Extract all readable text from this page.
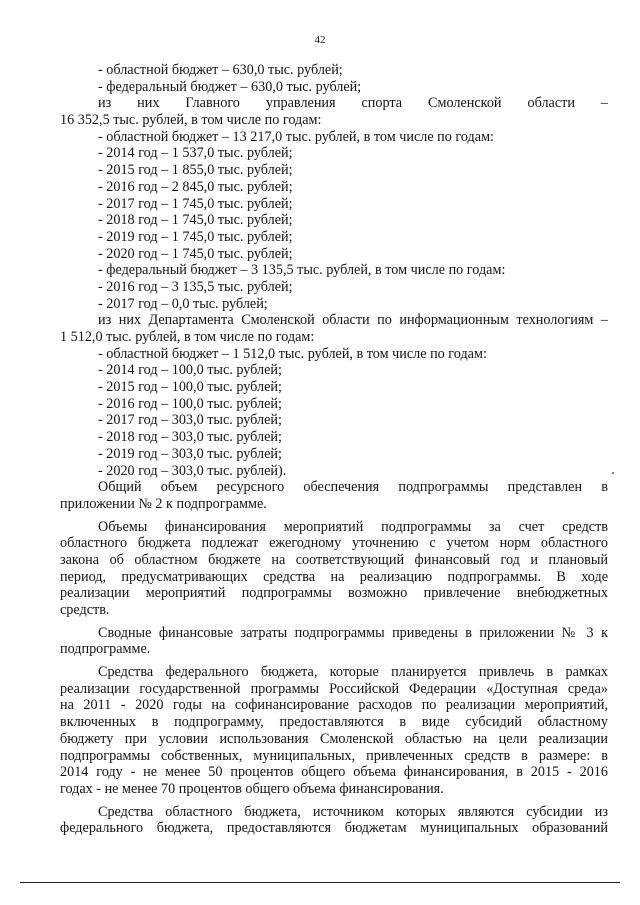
42
- областной бюджет – 630,0 тыс. рублей;
- федеральный бюджет – 630,0 тыс. рублей;
из них Главного управления спорта Смоленской области –
16 352,5 тыс. рублей, в том числе по годам:
- областной бюджет – 13 217,0 тыс. рублей, в том числе по годам:
- 2014 год – 1 537,0 тыс. рублей;
- 2015 год – 1 855,0 тыс. рублей;
- 2016 год – 2 845,0 тыс. рублей;
- 2017 год – 1 745,0 тыс. рублей;
- 2018 год – 1 745,0 тыс. рублей;
- 2019 год – 1 745,0 тыс. рублей;
- 2020 год – 1 745,0 тыс. рублей;
- федеральный бюджет – 3 135,5 тыс. рублей, в том числе по годам:
- 2016 год – 3 135,5 тыс. рублей;
- 2017 год – 0,0 тыс. рублей;
из них Департамента Смоленской области по информационным технологиям –
1 512,0 тыс. рублей, в том числе по годам:
- областной бюджет – 1 512,0 тыс. рублей, в том числе по годам:
- 2014 год – 100,0 тыс. рублей;
- 2015 год – 100,0 тыс. рублей;
- 2016 год – 100,0 тыс. рублей;
- 2017 год – 303,0 тыс. рублей;
- 2018 год – 303,0 тыс. рублей;
- 2019 год – 303,0 тыс. рублей;
- 2020 год – 303,0 тыс. рублей).
Общий объем ресурсного обеспечения подпрограммы представлен в
приложении № 2 к подпрограмме.
Объемы финансирования мероприятий подпрограммы за счет средств
областного бюджета подлежат ежегодному уточнению с учетом норм областного
закона об областном бюджете на соответствующий финансовый год и плановый
период, предусматривающих средства на реализацию подпрограммы. В ходе
реализации мероприятий подпрограммы возможно привлечение внебюджетных
средств.
Сводные финансовые затраты подпрограммы приведены в приложении № 3 к
подпрограмме.
Средства федерального бюджета, которые планируется привлечь в рамках
реализации государственной программы Российской Федерации «Доступная среда»
на 2011 - 2020 годы на софинансирование расходов по реализации мероприятий,
включенных в подпрограмму, предоставляются в виде субсидий областному
бюджету при условии использования Смоленской областью на цели реализации
подпрограммы собственных, муниципальных, привлеченных средств в размере: в
2014 году - не менее 50 процентов общего объема финансирования, в 2015 - 2016
годах - не менее 70 процентов общего объема финансирования.
Средства областного бюджета, источником которых являются субсидии из
федерального бюджета, предоставляются бюджетам муниципальных образований
